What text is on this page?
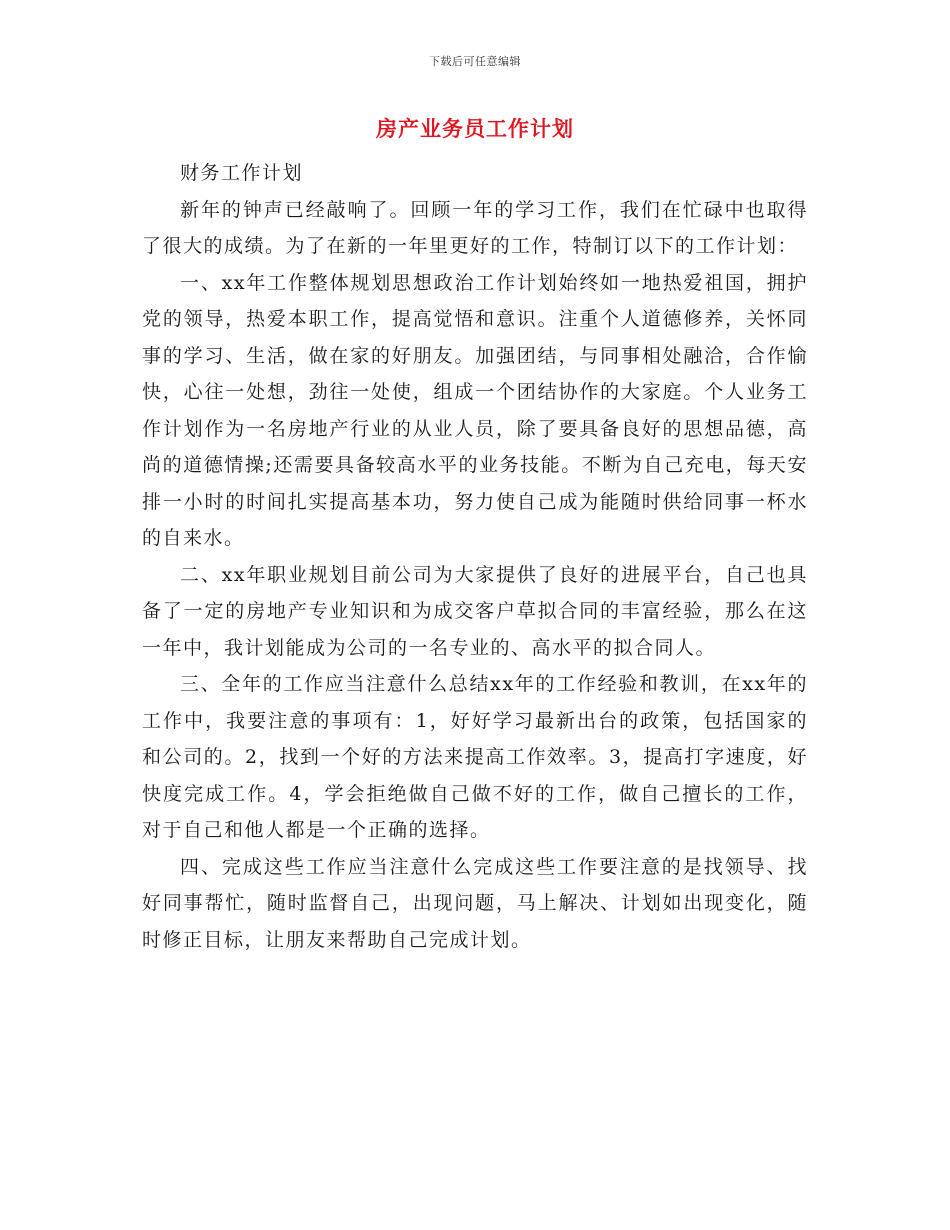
下载后可任意编辑
房产业务员工作计划

财务工作计划

新年的钟声已经敲响了。回顾一年的学习工作，我们在忙碌中也取得了很大的成绩。为了在新的一年里更好的工作，特制订以下的工作计划：

一、xx年工作整体规划思想政治工作计划始终如一地热爱祖国，拥护党的领导，热爱本职工作，提高觉悟和意识。注重个人道德修养，关怀同事的学习、生活，做在家的好朋友。加强团结，与同事相处融洽，合作愉快，心往一处想，劲往一处使，组成一个团结协作的大家庭。个人业务工作计划作为一名房地产行业的从业人员，除了要具备良好的思想品德，高尚的道德情操;还需要具备较高水平的业务技能。不断为自己充电，每天安排一小时的时间扎实提高基本功，努力使自己成为能随时供给同事一杯水的自来水。

二、xx年职业规划目前公司为大家提供了良好的进展平台，自己也具备了一定的房地产专业知识和为成交客户草拟合同的丰富经验，那么在这一年中，我计划能成为公司的一名专业的、高水平的拟合同人。

三、全年的工作应当注意什么总结xx年的工作经验和教训，在xx年的工作中，我要注意的事项有：1，好好学习最新出台的政策，包括国家的和公司的。2，找到一个好的方法来提高工作效率。3，提高打字速度，好快度完成工作。4，学会拒绝做自己做不好的工作，做自己擅长的工作，对于自己和他人都是一个正确的选择。

四、完成这些工作应当注意什么完成这些工作要注意的是找领导、找好同事帮忙，随时监督自己，出现问题，马上解决、计划如出现变化，随时修正目标，让朋友来帮助自己完成计划。
